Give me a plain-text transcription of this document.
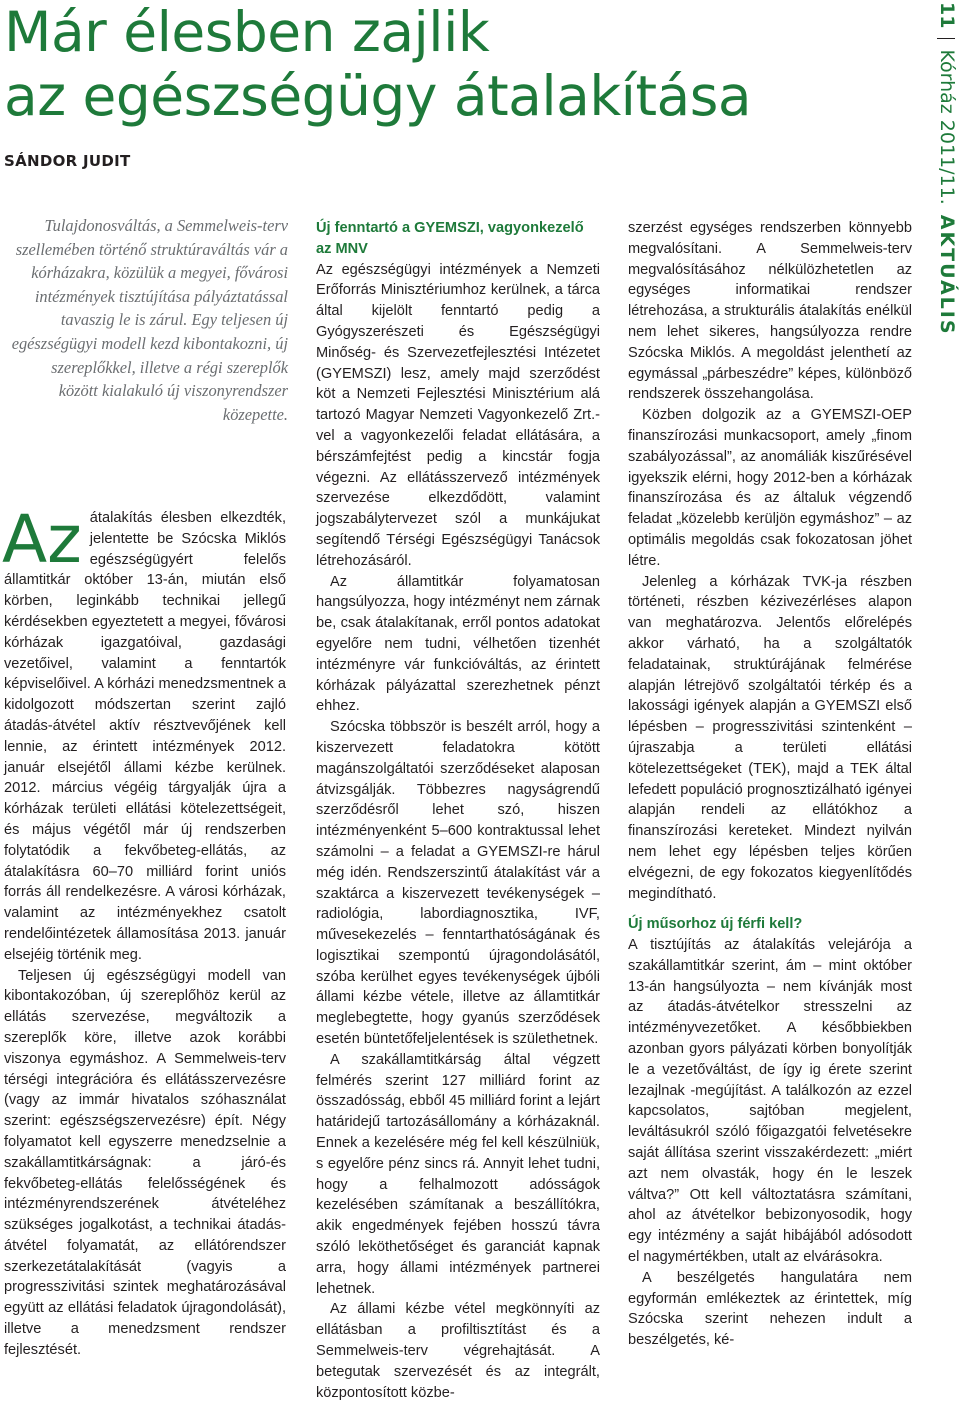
Már élesben zajlik
az egészségügy átalakítása
SÁNDOR JUDIT

Tulajdonosváltás, a Semmelweis-terv szellemében történő struktúraváltás vár a kórházakra, közülük a megyei, fővárosi intézmények tisztújítása pályáztatással tavaszig le is zárul. Egy teljesen új egészségügyi modell kezd kibontakozni, új szereplőkkel, illetve a régi szereplők között kialakuló új viszonyrendszer közepette.

Az átalakítás élesben elkezdték, jelentette be Szócska Miklós egészségügyért felelős államtitkár október 13-án, miután első körben, leginkább technikai jellegű kérdésekben egyeztetett a megyei, fővárosi kórházak igazgatóival, gazdasági vezetőivel, valamint a fenntartók képviselőivel. A kórházi menedzsmentnek a kidolgozott módszertan szerint zajló átadás-átvétel aktív résztvevőjének kell lennie, az érintett intézmények 2012. január elsejétől állami kézbe kerülnek. 2012. március végéig tárgyalják újra a kórházak területi ellátási kötelezettségeit, és május végétől már új rendszerben folytatódik a fekvőbeteg-ellátás, az átalakításra 60–70 milliárd forint uniós forrás áll rendelkezésre. A városi kórházak, valamint az intézményekhez csatolt rendelőintézetek államosítása 2013. január elsejéig történik meg.

Teljesen új egészségügyi modell van kibontakozóban, új szereplőhöz kerül az ellátás szervezése, megváltozik a szereplők köre, illetve azok korábbi viszonya egymáshoz. A Semmelweis-terv térségi integrációra és ellátásszervezésre (vagy az immár hivatalos szóhasználat szerint: egészségszervezésre) épít. Négy folyamatot kell egyszerre menedzselnie a szakállamtitkárságnak: a járó-és fekvőbeteg-ellátás felelősségének és intézményrendszerének átvételéhez szükséges jogalkotást, a technikai átadás-átvétel folyamatát, az ellátórendszer szerkezetátalakítását (vagyis a progresszivitási szintek meghatározásával együtt az ellátási feladatok újragondolását), illetve a menedzsment rendszer fejlesztését.

Új fenntartó a GYEMSZI, vagyonkezelő az MNV

Az egészségügyi intézmények a Nemzeti Erőforrás Minisztériumhoz kerülnek, a tárca által kijelölt fenntartó pedig a Gyógyszerészeti és Egészségügyi Minőség- és Szervezetfejlesztési Intézetet (GYEMSZI) lesz, amely majd szerződést köt a Nemzeti Fejlesztési Minisztérium alá tartozó Magyar Nemzeti Vagyonkezelő Zrt.-vel a vagyonkezelői feladat ellátására, a bérszámfejtést pedig a kincstár fogja végezni. Az ellátásszervező intézmények szervezése elkezdődött, valamint jogszabálytervezet szól a munkájukat segítendő Térségi Egészségügyi Tanácsok létrehozásáról.

Az államtitkár folyamatosan hangsúlyozza, hogy intézményt nem zárnak be, csak átalakítanak, erről pontos adatokat egyelőre nem tudni, vélhetően tizenhét intézményre vár funkcióváltás, az érintett kórházak pályázattal szerezhetnek pénzt ehhez.

Szócska többször is beszélt arról, hogy a kiszervezett feladatokra kötött magánszolgáltatói szerződéseket alaposan átvizsgálják. Többezres nagyságrendű szerződésről lehet szó, hiszen intézményenként 5–600 kontraktussal lehet számolni – a feladat a GYEMSZI-re hárul még idén. Rendszerszintű átalakítást vár a szaktárca a kiszervezett tevékenységek – radiológia, labordiagnosztika, IVF, művesekezelés – fenntarthatóságának és logisztikai szempontú újragondolásától, szóba kerülhet egyes tevékenységek újbóli állami kézbe vétele, illetve az államtitkár meglebegtette, hogy gyanús szerződések esetén büntetőfeljelentések is születhetnek.

A szakállamtitkárság által végzett felmérés szerint 127 milliárd forint az összadósság, ebből 45 milliárd forint a lejárt határidejű tartozásállomány a kórházaknál. Ennek a kezelésére még fel kell készülniük, s egyelőre pénz sincs rá. Annyit lehet tudni, hogy a felhalmozott adósságok kezelésében számítanak a beszállítókra, akik engedmények fejében hosszú távra szóló leköthetőséget és garanciát kapnak arra, hogy állami intézmények partnerei lehetnek.

Az állami kézbe vétel megkönnyíti az ellátásban a profiltisztítást és a Semmelweis-terv végrehajtását. A betegutak szervezését és az integrált, központosított közbe-

szerzést egységes rendszerben könnyebb megvalósítani. A Semmelweis-terv megvalósításához nélkülözhetetlen az egységes informatikai rendszer létrehozása, a strukturális átalakítás enélkül nem lehet sikeres, hangsúlyozza rendre Szócska Miklós. A megoldást jelenthetí az egymással „párbeszédre” képes, különböző rendszerek összehangolása.

Közben dolgozik az a GYEMSZI-OEP finanszírozási munkacsoport, amely „finom szabályozással”, az anomáliák kiszűrésével igyekszik elérni, hogy 2012-ben a kórházak finanszírozása és az általuk végzendő feladat „közelebb kerüljön egymáshoz” – az optimális megoldás csak fokozatosan jöhet létre.

Jelenleg a kórházak TVK-ja részben történeti, részben kézivezérléses alapon van meghatározva. Jelentős előrelépés akkor várható, ha a szolgáltatók feladatainak, struktúrájának felmérése alapján létrejövő szolgáltatói térkép és a lakossági igények alapján a GYEMSZI első lépésben – progresszivitási szintenként – újraszabja a területi ellátási kötelezettségeket (TEK), majd a TEK által lefedett populáció prognosztizálható igényei alapján rendeli az ellátókhoz a finanszírozási kereteket. Mindezt nyilván nem lehet egy lépésben teljes körűen elvégezni, de egy fokozatos kiegyenlítődés megindítható.

Új műsorhoz új férfi kell?

A tisztújítás az átalakítás velejárója a szakállamtitkár szerint, ám – mint október 13-án hangsúlyozta – nem kívánják most az átadás-átvételkor stresszelni az intézményvezetőket. A későbbiekben azonban gyors pályázati körben bonyolítják le a vezetőváltást, de így ig érete szerint lezajlnak -megújítást. A találkozón az ezzel kapcsolatos, sajtóban megjelent, leváltásukról szóló főigazgatói felvetésekre saját állítása szerint visszakérdezett: „miért azt nem olvasták, hogy én le leszek váltva?” Ott kell változtatásra számítani, ahol az átvételkor bebizonyosodik, hogy egy intézmény a saját hibájából adósodott el nagymértékben, utalt az elvárásokra.

A beszélgetés hangulatára nem egyformán emlékeztek az érintettek, míg Szócska szerint nehezen indult a beszélgetés, ké-

11Kórház 2011/11.AKTUÁLIS
